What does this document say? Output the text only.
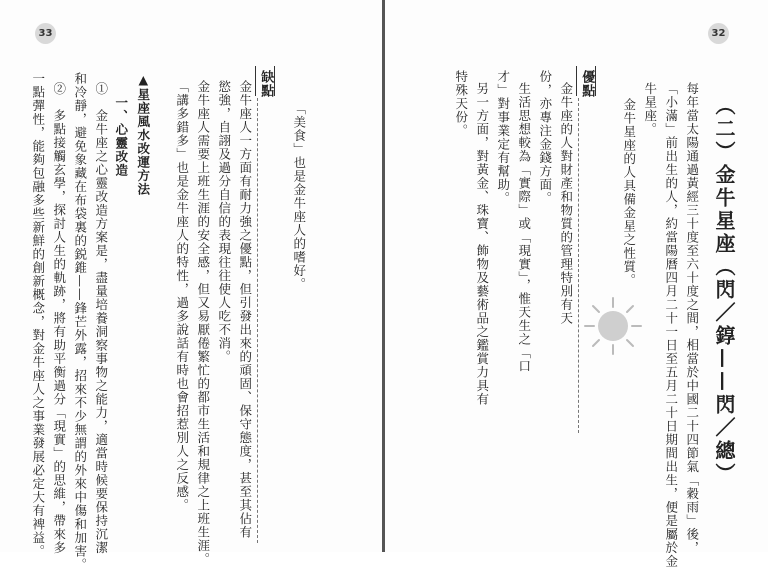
33
「美食」也是金牛座人的嗜好。
缺點
金牛座人一方面有耐力強之優點，但引發出來的頑固、保守態度，甚至其佔有
慾強，自詡及過分自信的表現往往使人吃不消。
金牛座人需要上班生涯的安全感，但又易厭倦繁忙的都市生活和規律之上班生涯。
「講多錯多」也是金牛座人的特性，過多說話有時也會招惹別人之反感。
▲星座風水改運方法
一、心靈改造
①　金牛座之心靈改造方案是，盡量培養洞察事物之能力，適當時候要保持沉潔
和冷靜，避免象藏在布袋裏的鋭錐——鋒芒外露，招來不少無謂的外來中傷和加害。
②　多點接觸玄學，探討人生的軌跡，將有助平衡過分「現實」的思維，帶來多
一點彈性，能夠包融多些新鮮的創新概念，對金牛座人之事業發展必定大有裨益。
32
（二）金牛星座（閃／錞——閃／總）
每年當太陽通過黃經三十度至六十度之間，相當於中國二十四節氣「穀雨」後，
「小滿」前出生的人，約當陽曆四月二十一日至五月二十日期間出生，便是屬於金
牛星座。
金牛星座的人具備金星之性質。
優點
金牛座的人對財產和物質的管理特別有天
份，亦專注金錢方面。
生活思想較為「實際」或「現實」，惟天生之「口
才」對事業定有幫助。
另一方面，對黃金、珠寶、飾物及藝術品之鑑賞力具有
特殊天份。
